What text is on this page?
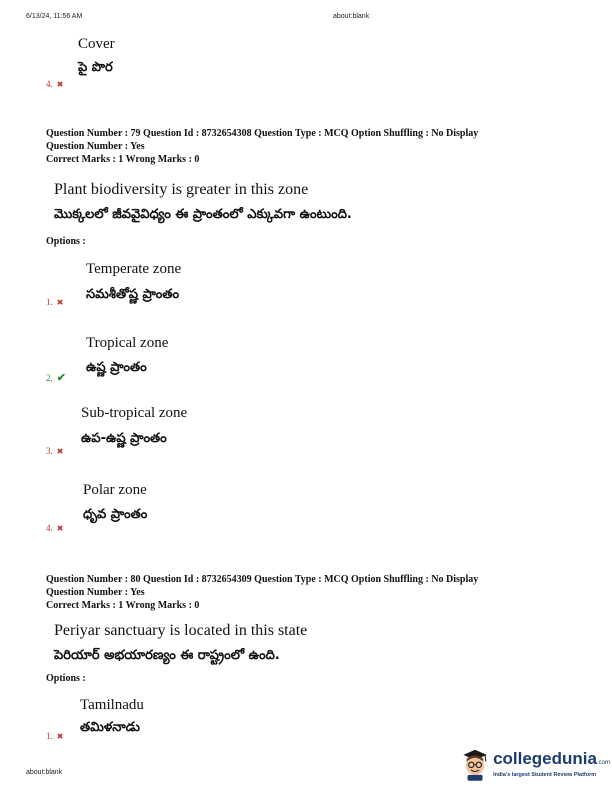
6/13/24, 11:56 AM	about:blank
Cover
పై పొర
4. ✖
Question Number : 79 Question Id : 8732654308 Question Type : MCQ Option Shuffling : No Display
Question Number : Yes
Correct Marks : 1 Wrong Marks : 0
Plant biodiversity is greater in this zone
మొక్కలలో జీవవైవిధ్యం ఈ ప్రాంతంలో ఎక్కువగా ఉంటుంది.
Options :
Temperate zone
సమశీతోష్ణ ప్రాంతం
1. ✖
Tropical zone
ఉష్ణ ప్రాంతం
2. ✔
Sub-tropical zone
ఉప-ఉష్ణ ప్రాంతం
3. ✖
Polar zone
ధృవ ప్రాంతం
4. ✖
Question Number : 80 Question Id : 8732654309 Question Type : MCQ Option Shuffling : No Display
Question Number : Yes
Correct Marks : 1 Wrong Marks : 0
Periyar sanctuary is located in this state
పెరియార్ అభయారణ్యం ఈ రాష్ట్రంలో ఉంది.
Options :
Tamilnadu
తమిళనాడు
1. ✖
about:blank
collegedunia.com
India's largest Student Review Platform
